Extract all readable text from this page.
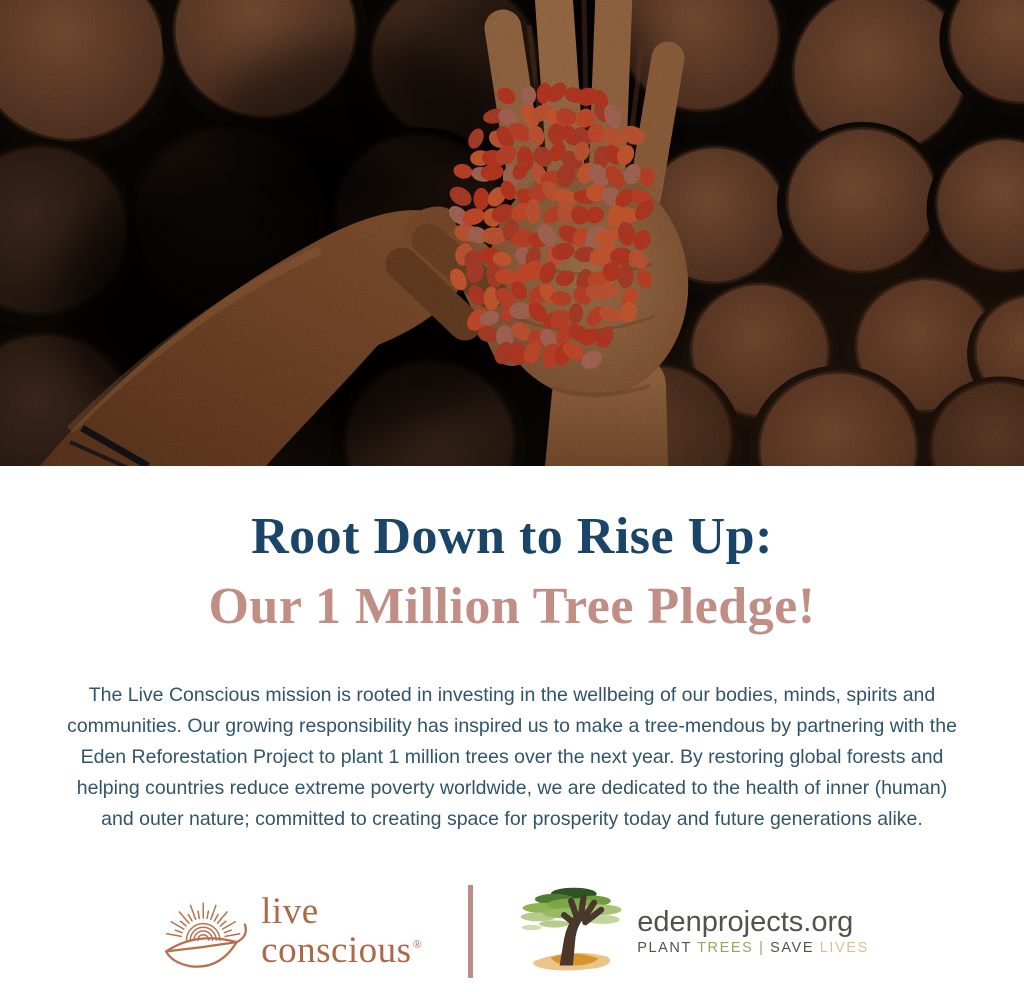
Root Down to Rise Up:
Our 1 Million Tree Pledge!

The Live Conscious mission is rooted in investing in the wellbeing of our bodies, minds, spirits and communities. Our growing responsibility has inspired us to make a tree-mendous by partnering with the Eden Reforestation Project to plant 1 million trees over the next year. By restoring global forests and helping countries reduce extreme poverty worldwide, we are dedicated to the health of inner (human) and outer nature; committed to creating space for prosperity today and future generations alike.

live
conscious®
edenprojects.org
PLANT TREES | SAVE LIVES
